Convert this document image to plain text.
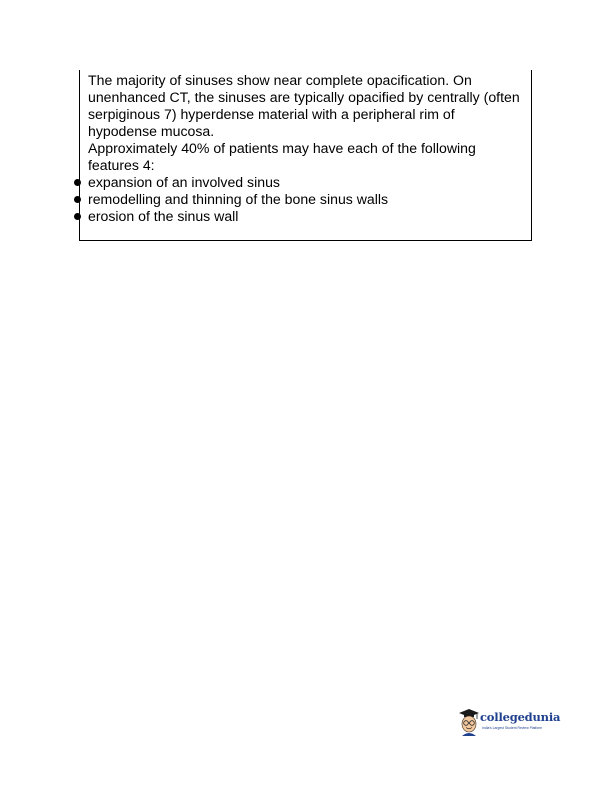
The majority of sinuses show near complete opacification. On unenhanced CT, the sinuses are typically opacified by centrally (often serpiginous 7) hyperdense material with a peripheral rim of hypodense mucosa.

Approximately 40% of patients may have each of the following features 4:

expansion of an involved sinus
remodelling and thinning of the bone sinus walls
erosion of the sinus wall
collegedunia
India's Largest Student Review Platform
